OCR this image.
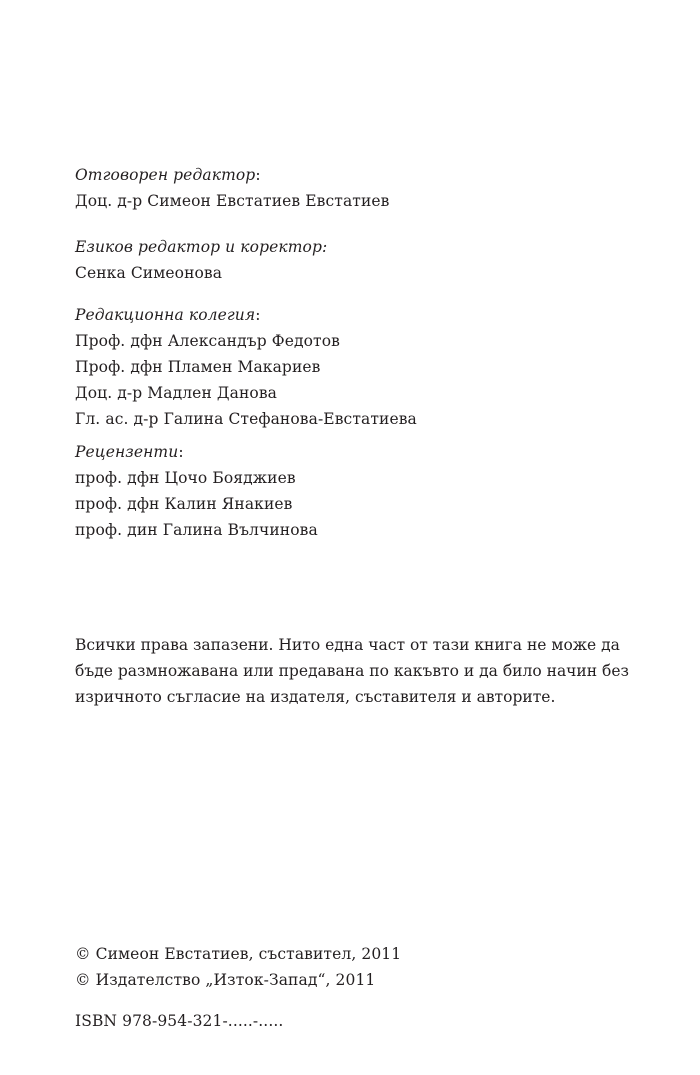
Отговорен редактор:
Доц. д-р Симеон Евстатиев Евстатиев
Езиков редактор и коректор:
Сенка Симеонова
Редакционна колегия:
Проф. дфн Александър Федотов
Проф. дфн Пламен Макариев
Доц. д-р Мадлен Данова
Гл. ас. д-р Галина Стефанова-Евстатиева
Рецензенти:
проф. дфн Цочо Бояджиев
проф. дфн Калин Янакиев
проф. дин Галина Вълчинова
Всички права запазени. Нито една част от тази книга не може да
бъде размножавана или предавана по какъвто и да било начин без
изричното съгласие на издателя, съставителя и авторите.
© Симеон Евстатиев, съставител, 2011
© Издателство „Изток-Запад“, 2011
ISBN 978-954-321-.....-.....
